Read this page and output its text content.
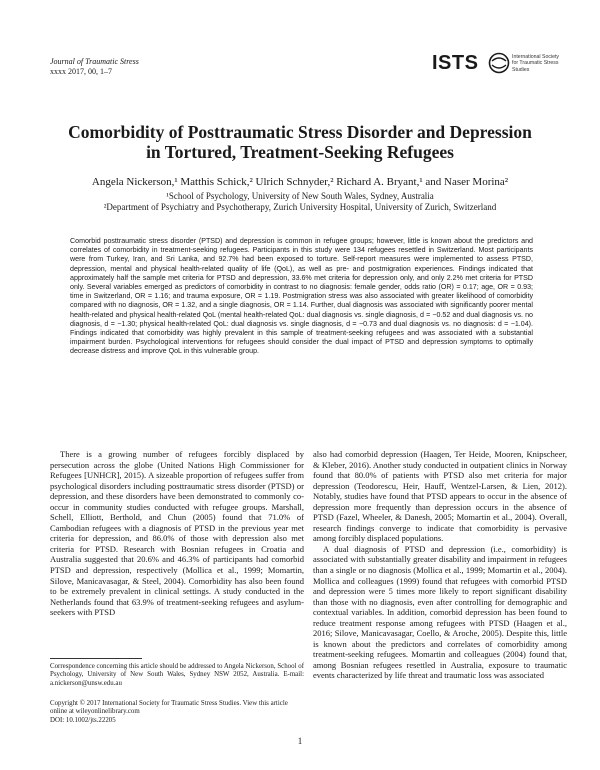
Journal of Traumatic Stress
xxxx 2017, 00, 1–7	ISTS	International Society
for Traumatic Stress Studies
Comorbidity of Posttraumatic Stress Disorder and Depression
in Tortured, Treatment-Seeking Refugees
Angela Nickerson,¹ Matthis Schick,² Ulrich Schnyder,² Richard A. Bryant,¹ and Naser Morina²
¹School of Psychology, University of New South Wales, Sydney, Australia
²Department of Psychiatry and Psychotherapy, Zurich University Hospital, University of Zurich, Switzerland
Comorbid posttraumatic stress disorder (PTSD) and depression is common in refugee groups; however, little is known about the predictors and correlates of comorbidity in treatment-seeking refugees. Participants in this study were 134 refugees resettled in Switzerland. Most participants were from Turkey, Iran, and Sri Lanka, and 92.7% had been exposed to torture. Self-report measures were implemented to assess PTSD, depression, mental and physical health-related quality of life (QoL), as well as pre- and postmigration experiences. Findings indicated that approximately half the sample met criteria for PTSD and depression, 33.6% met criteria for depression only, and only 2.2% met criteria for PTSD only. Several variables emerged as predictors of comorbidity in contrast to no diagnosis: female gender, odds ratio (OR) = 0.17; age, OR = 0.93; time in Switzerland, OR = 1.16; and trauma exposure, OR = 1.19. Postmigration stress was also associated with greater likelihood of comorbidity compared with no diagnosis, OR = 1.32, and a single diagnosis, OR = 1.14. Further, dual diagnosis was associated with significantly poorer mental health-related and physical health-related QoL (mental health-related QoL: dual diagnosis vs. single diagnosis, d = −0.52 and dual diagnosis vs. no diagnosis, d = −1.30; physical health-related QoL: dual diagnosis vs. single diagnosis, d = −0.73 and dual diagnosis vs. no diagnosis: d = −1.04). Findings indicated that comorbidity was highly prevalent in this sample of treatment-seeking refugees and was associated with a substantial impairment burden. Psychological interventions for refugees should consider the dual impact of PTSD and depression symptoms to optimally decrease distress and improve QoL in this vulnerable group.

There is a growing number of refugees forcibly displaced by persecution across the globe (United Nations High Commissioner for Refugees [UNHCR], 2015). A sizeable proportion of refugees suffer from psychological disorders including posttraumatic stress disorder (PTSD) or depression, and these disorders have been demonstrated to commonly co-occur in community studies conducted with refugee groups. Marshall, Schell, Elliott, Berthold, and Chun (2005) found that 71.0% of Cambodian refugees with a diagnosis of PTSD in the previous year met criteria for depression, and 86.0% of those with depression also met criteria for PTSD. Research with Bosnian refugees in Croatia and Australia suggested that 20.6% and 46.3% of participants had comorbid PTSD and depression, respectively (Mollica et al., 1999; Momartin, Silove, Manicavasagar, & Steel, 2004). Comorbidity has also been found to be extremely prevalent in clinical settings. A study conducted in the Netherlands found that 63.9% of treatment-seeking refugees and asylum-seekers with PTSD

also had comorbid depression (Haagen, Ter Heide, Mooren, Knipscheer, & Kleber, 2016). Another study conducted in outpatient clinics in Norway found that 80.0% of patients with PTSD also met criteria for major depression (Teodorescu, Heir, Hauff, Wentzel-Larsen, & Lien, 2012). Notably, studies have found that PTSD appears to occur in the absence of depression more frequently than depression occurs in the absence of PTSD (Fazel, Wheeler, & Danesh, 2005; Momartin et al., 2004). Overall, research findings converge to indicate that comorbidity is pervasive among forcibly displaced populations.

A dual diagnosis of PTSD and depression (i.e., comorbidity) is associated with substantially greater disability and impairment in refugees than a single or no diagnosis (Mollica et al., 1999; Momartin et al., 2004). Mollica and colleagues (1999) found that refugees with comorbid PTSD and depression were 5 times more likely to report significant disability than those with no diagnosis, even after controlling for demographic and contextual variables. In addition, comorbid depression has been found to reduce treatment response among refugees with PTSD (Haagen et al., 2016; Silove, Manicavasagar, Coello, & Aroche, 2005). Despite this, little is known about the predictors and correlates of comorbidity among treatment-seeking refugees. Momartin and colleagues (2004) found that, among Bosnian refugees resettled in Australia, exposure to traumatic events characterized by life threat and traumatic loss was associated

Correspondence concerning this article should be addressed to Angela Nickerson, School of Psychology, University of New South Wales, Sydney NSW 2052, Australia. E-mail: a.nickerson@unsw.edu.au
Copyright © 2017 International Society for Traumatic Stress Studies. View this article online at wileyonlinelibrary.com
DOI: 10.1002/jts.22205
1
